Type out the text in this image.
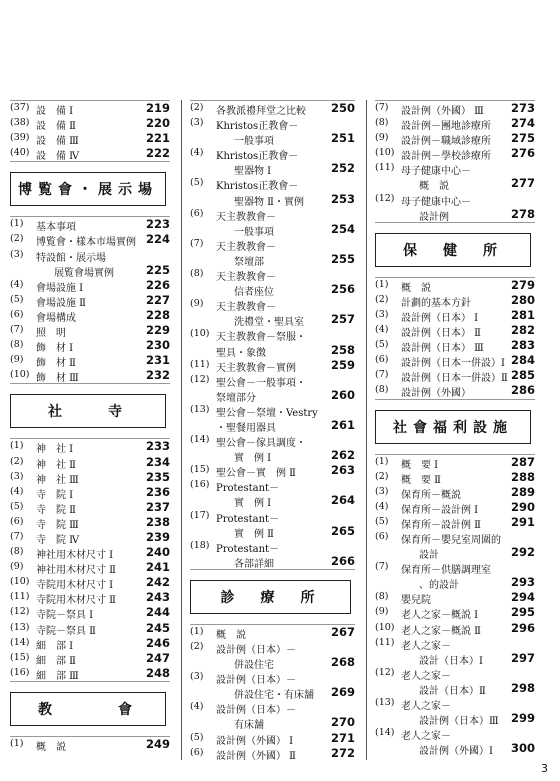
(37) 設　備 Ⅰ	219
(38) 設　備 Ⅱ	220
(39) 設　備 Ⅲ	221
(40) 設　備 Ⅳ	222
博覧會・展示場
(1) 基本事項	223
(2) 博覧會・樣本市場實例 224
(3) 特設館・展示場
展覧會場實例	225
(4) 會場設施 Ⅰ	226
(5) 會場設施 Ⅱ	227
(6) 會場構成	228
(7) 照　明	229
(8) 飾　材 Ⅰ	230
(9) 飾　材 Ⅱ	231
(10) 飾　材 Ⅲ	232
社　　寺
(1) 神　社 Ⅰ	233
(2) 神　社 Ⅱ	234
(3) 神　社 Ⅲ	235
(4) 寺　院 Ⅰ	236
(5) 寺　院 Ⅱ	237
(6) 寺　院 Ⅲ	238
(7) 寺　院 Ⅳ	239
(8) 神社用木材尺寸 Ⅰ	240
(9) 神社用木材尺寸 Ⅱ	241
(10) 寺院用木材尺寸 Ⅰ	242
(11) 寺院用木材尺寸 Ⅱ	243
(12) 寺院－祭具 Ⅰ	244
(13) 寺院－祭具 Ⅱ	245
(14) 細　部 Ⅰ	246
(15) 細　部 Ⅱ	247
(16) 細　部 Ⅲ	248
教　　　會
(1) 概　説	249
(2) 各教派禮拜堂之比較 250
(3) Khristos正教會－
一般事項	251
(4) Khristos正教會－
聖器物 Ⅰ	252
(5) Khristos正教會－
聖器物 Ⅱ・實例 253
(6) 天主教教會－
一般事項	254
(7) 天主教教會－
祭壇部	255
(8) 天主教教會－
信者座位	256
(9) 天主教教會－
洗禮堂・聖具室 257
(10) 天主教教會－祭服・
聖具・象徴	258
(11) 天主教教會－實例	259
(12) 聖公會－一般事項・
祭壇部分	260
(13) 聖公會－祭壇・Vestry
・聖餐用器具	261
(14) 聖公會－傢具調度・
實　例 Ⅰ	262
(15) 聖公會－實　例 Ⅱ	263
(16) Protestant－
實　例 Ⅰ	264
(17) Protestant－
實　例 Ⅱ	265
(18) Protestant－
各部詳細	266
診　療　所
(1) 概　説	267
(2) 設計例（日本）－
併設住宅	268
(3) 設計例（日本）－
併設住宅・有床舗 269
(4) 設計例（日本）－
有床舗	270
(5) 設計例（外國） Ⅰ	271
(6) 設計例（外國） Ⅱ	272
(7) 設計例（外國） Ⅲ 273
(8) 設計例－團地診療所 274
(9) 設計例－職域診療所 275
(10) 設計例－學校診療所 276
(11) 母子健康中心－
概　説	277
(12) 母子健康中心－
設計例	278
保　健　所
(1) 概　説	279
(2) 計劃的基本方針	280
(3) 設計例（日本） Ⅰ	281
(4) 設計例（日本） Ⅱ	282
(5) 設計例（日本） Ⅲ 283
(6) 設計例（日本一併設）Ⅰ 284
(7) 設計例（日本一併設）Ⅱ 285
(8) 設計例（外國）	286
社會福利設施
(1) 概　要 Ⅰ	287
(2) 概　要 Ⅱ	288
(3) 保育所－概説	289
(4) 保育所－設計例 Ⅰ	290
(5) 保育所－設計例 Ⅱ	291
(6) 保育所－嬰兒室周圍的
設計	292
(7) 保育所－供膳調理室
、的設計	293
(8) 嬰兒院	294
(9) 老人之家－概説 Ⅰ	295
(10) 老人之家－概説 Ⅱ	296
(11) 老人之家－
設計（日本）Ⅰ 297
(12) 老人之家－
設計（日本）Ⅱ 298
(13) 老人之家－
設計例（日本）Ⅲ 299
(14) 老人之家－
設計例（外國）Ⅰ 300
3
